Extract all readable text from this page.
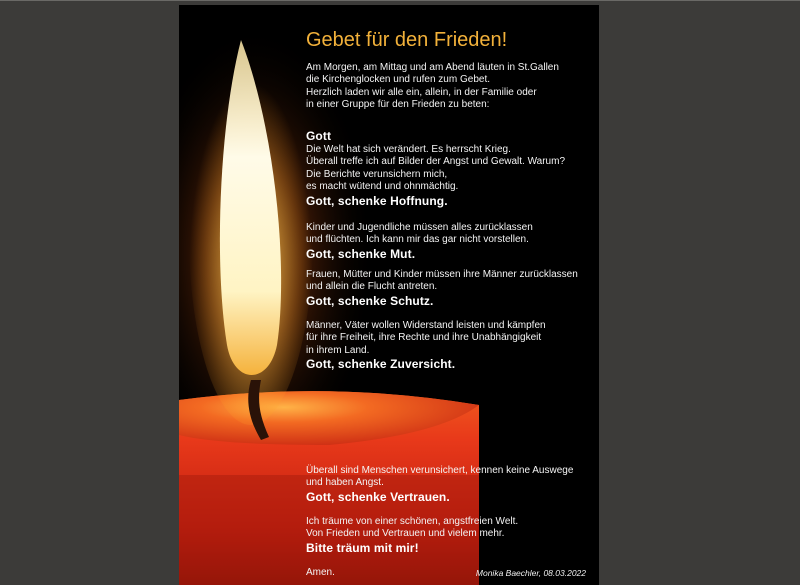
Gebet für den Frieden!
Am Morgen, am Mittag und am Abend läuten in St.Gallen
die Kirchenglocken und rufen zum Gebet.
Herzlich laden wir alle ein, allein, in der Familie oder
in einer Gruppe für den Frieden zu beten:
Gott
Die Welt hat sich verändert. Es herrscht Krieg.
Überall treffe ich auf Bilder der Angst und Gewalt. Warum?
Die Berichte verunsichern mich,
es macht wütend und ohnmächtig.
Gott, schenke Hoffnung.
Kinder und Jugendliche müssen alles zurücklassen
und flüchten. Ich kann mir das gar nicht vorstellen.
Gott, schenke Mut.
Frauen, Mütter und Kinder müssen ihre Männer zurücklassen
und allein die Flucht antreten.
Gott, schenke Schutz.
Männer, Väter wollen Widerstand leisten und kämpfen
für ihre Freiheit, ihre Rechte und ihre Unabhängigkeit
in ihrem Land.
Gott, schenke Zuversicht.
Überall sind Menschen verunsichert, kennen keine Auswege
und haben Angst.
Gott, schenke Vertrauen.
Ich träume von einer schönen, angstfreien Welt.
Von Frieden und Vertrauen und vielem mehr.
Bitte träum mit mir!
Amen.	Monika Baechler, 08.03.2022
